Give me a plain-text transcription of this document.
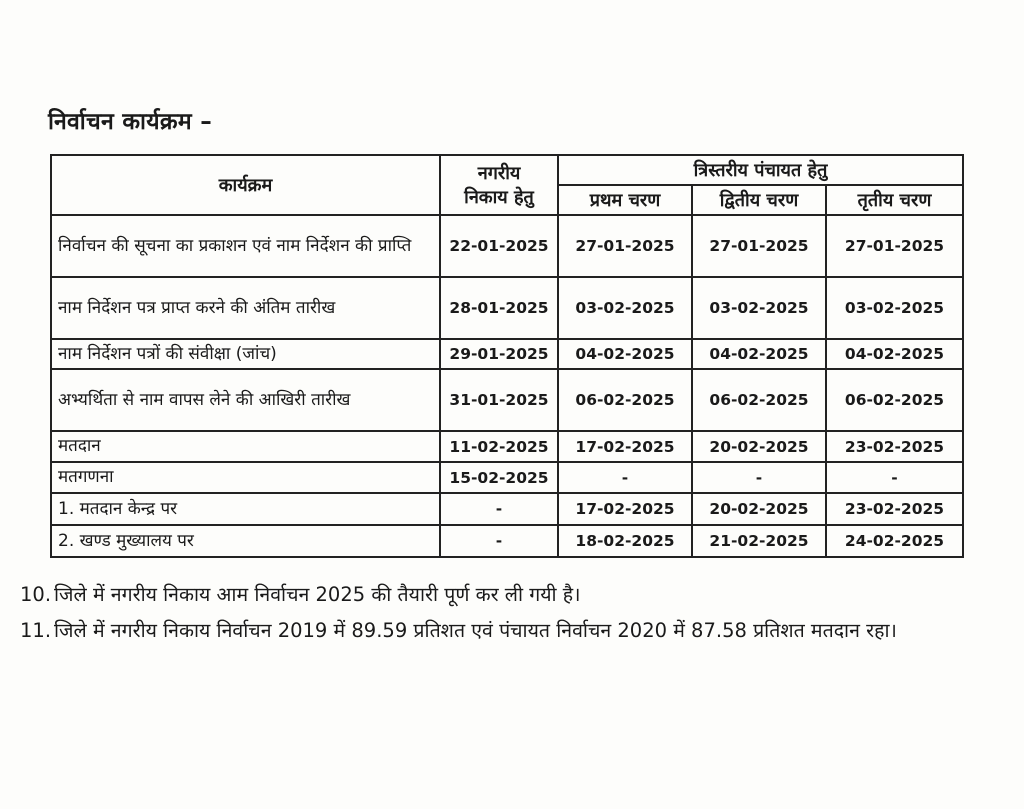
निर्वाचन कार्यक्रम –
कार्यक्रम	नगरीय
निकाय हेतु	त्रिस्तरीय पंचायत हेतु		
		प्रथम चरण	द्वितीय चरण	तृतीय चरण
निर्वाचन की सूचना का प्रकाशन एवं नाम निर्देशन की प्राप्ति	22-01-2025	27-01-2025	27-01-2025	27-01-2025
नाम निर्देशन पत्र प्राप्त करने की अंतिम तारीख	28-01-2025	03-02-2025	03-02-2025	03-02-2025
नाम निर्देशन पत्रों की संवीक्षा (जांच)	29-01-2025	04-02-2025	04-02-2025	04-02-2025
अभ्यर्थिता से नाम वापस लेने की आखिरी तारीख	31-01-2025	06-02-2025	06-02-2025	06-02-2025
मतदान	11-02-2025	17-02-2025	20-02-2025	23-02-2025
मतगणना	15-02-2025	-	-	-
1. मतदान केन्द्र पर	-	17-02-2025	20-02-2025	23-02-2025
2. खण्ड मुख्यालय पर	-	18-02-2025	21-02-2025	24-02-2025
10. जिले में नगरीय निकाय आम निर्वाचन 2025 की तैयारी पूर्ण कर ली गयी है।
11. जिले में नगरीय निकाय निर्वाचन 2019 में 89.59 प्रतिशत एवं पंचायत निर्वाचन 2020 में 87.58 प्रतिशत मतदान रहा।
